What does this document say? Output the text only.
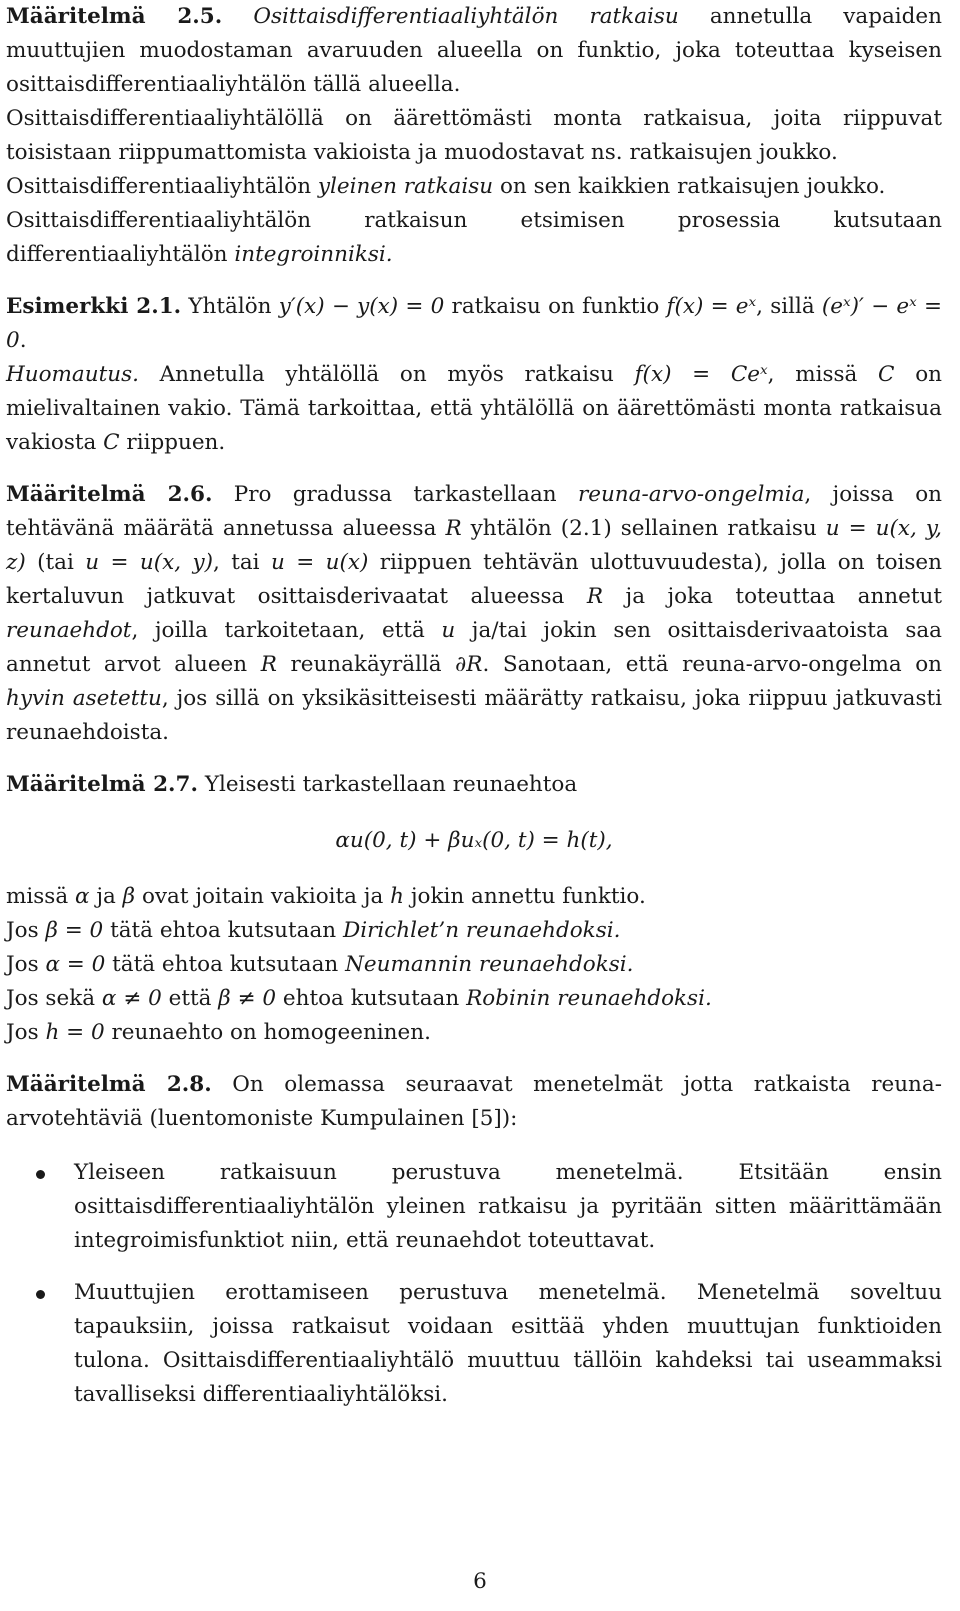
Määritelmä 2.5. Osittaisdifferentiaaliyhtälön ratkaisu annetulla vapaiden muuttujien muodostaman avaruuden alueella on funktio, joka toteuttaa kyseisen osittaisdifferentiaaliyhtälön tällä alueella.

Osittaisdifferentiaaliyhtälöllä on äärettömästi monta ratkaisua, joita riippuvat toisistaan riippumattomista vakioista ja muodostavat ns. ratkaisujen joukko.

Osittaisdifferentiaaliyhtälön yleinen ratkaisu on sen kaikkien ratkaisujen joukko.

Osittaisdifferentiaaliyhtälön ratkaisun etsimisen prosessia kutsutaan differentiaaliyhtälön integroinniksi.

Esimerkki 2.1. Yhtälön y′(x) − y(x) = 0 ratkaisu on funktio f(x) = eˣ, sillä (eˣ)′ − eˣ = 0.

Huomautus. Annetulla yhtälöllä on myös ratkaisu f(x) = Ceˣ, missä C on mielivaltainen vakio. Tämä tarkoittaa, että yhtälöllä on äärettömästi monta ratkaisua vakiosta C riippuen.

Määritelmä 2.6. Pro gradussa tarkastellaan reuna-arvo-ongelmia, joissa on tehtävänä määrätä annetussa alueessa R yhtälön (2.1) sellainen ratkaisu u = u(x, y, z) (tai u = u(x, y), tai u = u(x) riippuen tehtävän ulottuvuudesta), jolla on toisen kertaluvun jatkuvat osittaisderivaatat alueessa R ja joka toteuttaa annetut reunaehdot, joilla tarkoitetaan, että u ja/tai jokin sen osittaisderivaatoista saa annetut arvot alueen R reunakäyrällä ∂R. Sanotaan, että reuna-arvo-ongelma on hyvin asetettu, jos sillä on yksikäsitteisesti määrätty ratkaisu, joka riippuu jatkuvasti reunaehdoista.

Määritelmä 2.7. Yleisesti tarkastellaan reunaehtoa

αu(0, t) + βuₓ(0, t) = h(t),

missä α ja β ovat joitain vakioita ja h jokin annettu funktio.

Jos β = 0 tätä ehtoa kutsutaan Dirichlet’n reunaehdoksi.

Jos α = 0 tätä ehtoa kutsutaan Neumannin reunaehdoksi.

Jos sekä α ≠ 0 että β ≠ 0 ehtoa kutsutaan Robinin reunaehdoksi.

Jos h = 0 reunaehto on homogeeninen.

Määritelmä 2.8. On olemassa seuraavat menetelmät jotta ratkaista reuna-arvotehtäviä (luentomoniste Kumpulainen [5]):

Yleiseen ratkaisuun perustuva menetelmä. Etsitään ensin osittaisdifferentiaaliyhtälön yleinen ratkaisu ja pyritään sitten määrittämään integroimisfunktiot niin, että reunaehdot toteuttavat.
Muuttujien erottamiseen perustuva menetelmä. Menetelmä soveltuu tapauksiin, joissa ratkaisut voidaan esittää yhden muuttujan funktioiden tulona. Osittaisdifferentiaaliyhtälö muuttuu tällöin kahdeksi tai useammaksi tavalliseksi differentiaaliyhtälöksi.
6
